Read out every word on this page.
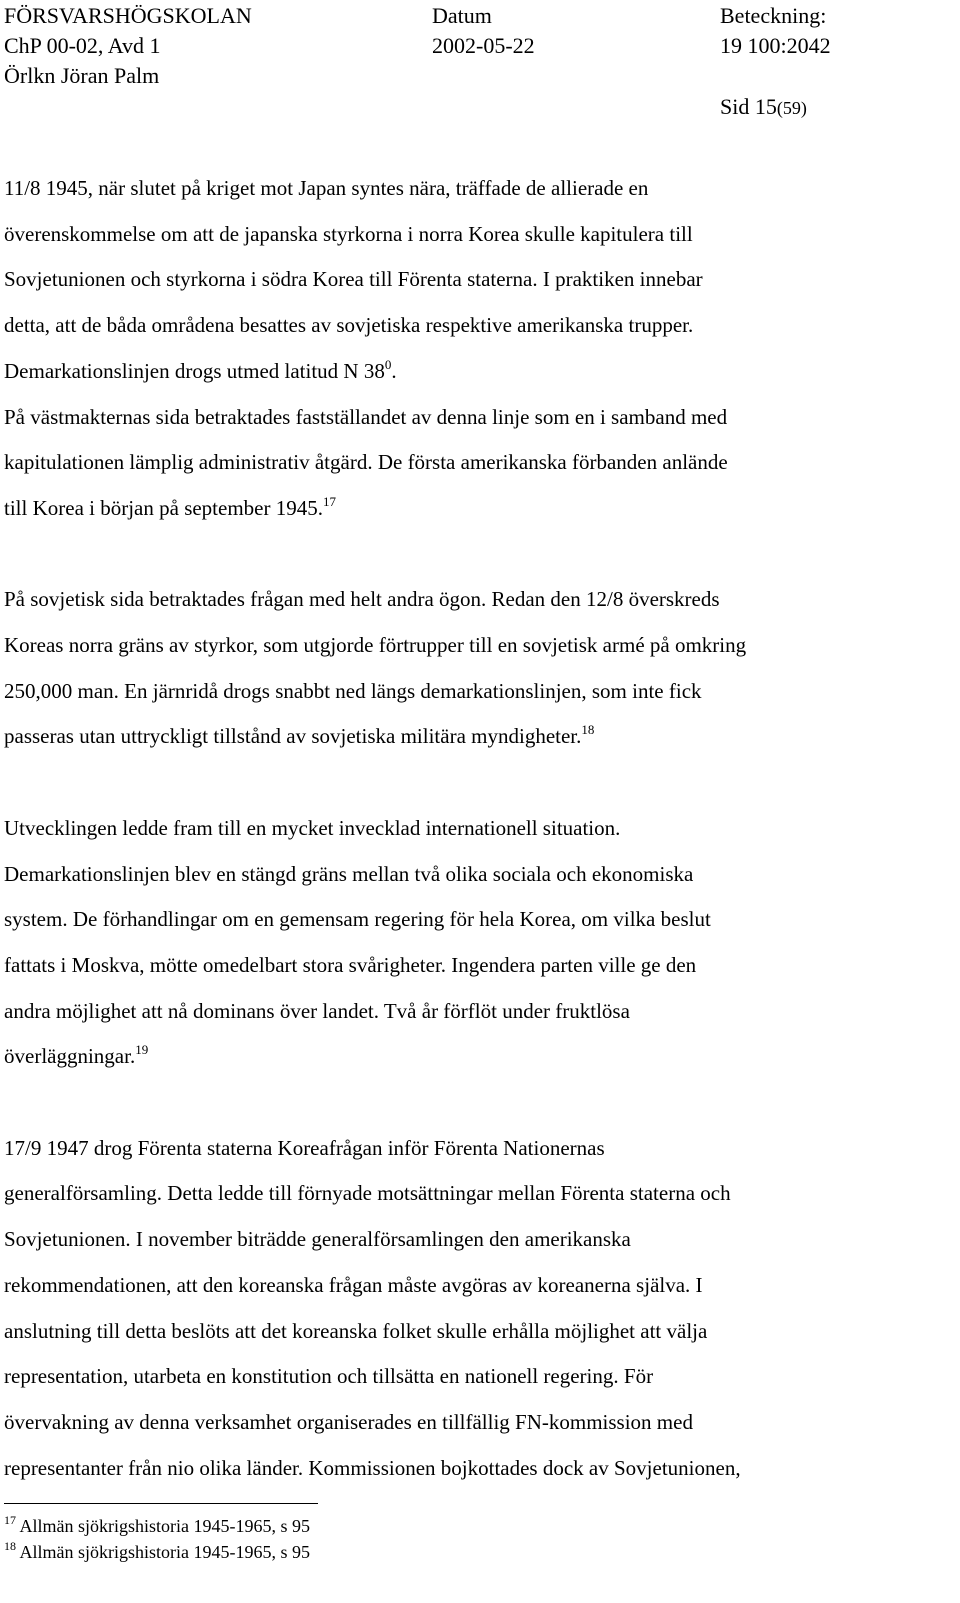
FÖRSVARSHÖGSKOLAN
ChP 00-02, Avd 1
Örlkn Jöran Palm
Datum
2002-05-22
Beteckning:
19 100:2042
Sid 15(59)

11/8 1945, när slutet på kriget mot Japan syntes nära, träffade de allierade en

överenskommelse om att de japanska styrkorna i norra Korea skulle kapitulera till

Sovjetunionen och styrkorna i södra Korea till Förenta staterna. I praktiken innebar

detta, att de båda områdena besattes av sovjetiska respektive amerikanska trupper.

Demarkationslinjen drogs utmed latitud N $38^0$.

På västmakternas sida betraktades fastställandet av denna linje som en i samband med

kapitulationen lämplig administrativ åtgärd. De första amerikanska förbanden anlände

till Korea i början på september 1945.17

På sovjetisk sida betraktades frågan med helt andra ögon. Redan den 12/8 överskreds

Koreas norra gräns av styrkor, som utgjorde förtrupper till en sovjetisk armé på omkring

250,000 man. En järnridå drogs snabbt ned längs demarkationslinjen, som inte fick

passeras utan uttryckligt tillstånd av sovjetiska militära myndigheter.$^{18}$

Utvecklingen ledde fram till en mycket invecklad internationell situation.

Demarkationslinjen blev en stängd gräns mellan två olika sociala och ekonomiska

system. De förhandlingar om en gemensam regering för hela Korea, om vilka beslut

fattats i Moskva, mötte omedelbart stora svårigheter. Ingendera parten ville ge den

andra möjlighet att nå dominans över landet. Två år förflöt under fruktlösa

överläggningar.$^{19}$

17/9 1947 drog Förenta staterna Koreafrågan inför Förenta Nationernas

generalförsamling. Detta ledde till förnyade motsättningar mellan Förenta staterna och

Sovjetunionen. I november biträdde generalförsamlingen den amerikanska

rekommendationen, att den koreanska frågan måste avgöras av koreanerna själva. I

anslutning till detta beslöts att det koreanska folket skulle erhålla möjlighet att välja

representation, utarbeta en konstitution och tillsätta en nationell regering. För

övervakning av denna verksamhet organiserades en tillfällig FN-kommission med

representanter från nio olika länder. Kommissionen bojkottades dock av Sovjetunionen,

$^{17}$ Allmän sjökrigshistoria 1945-1965, s 95

$^{18}$ Allmän sjökrigshistoria 1945-1965, s 95
